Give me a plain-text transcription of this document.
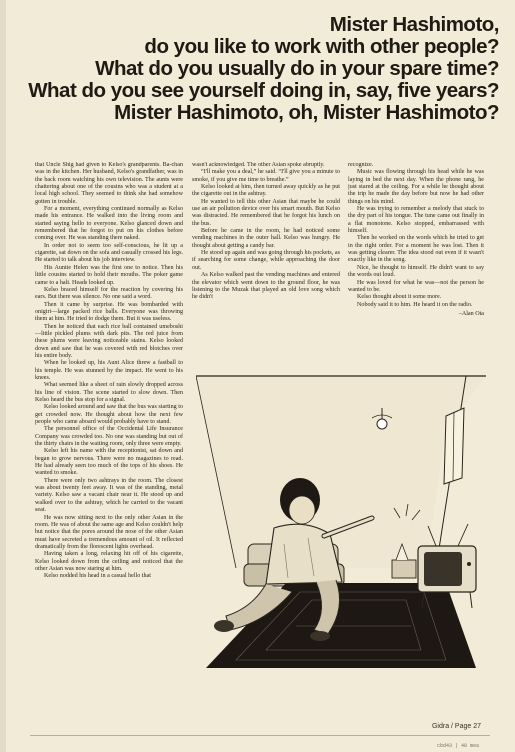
Mister Hashimoto,
do you like to work with other people?
What do you usually do in your spare time?
What do you see yourself doing in, say, five years?
Mister Hashimoto, oh, Mister Hashimoto?

that Uncle Shig had given to Kelso's grandparents. Ba-chan was in the kitchen. Her husband, Kelso's grandfather, was in the back room watching his own television. The aunts were chattering about one of the cousins who was a student at a local high school. They seemed to think she had somehow gotten in trouble.

For a moment, everything continued normally as Kelso made his entrance. He walked into the living room and started saying hello to everyone. Kelso glanced down and remembered that he forgot to put on his clothes before coming over. He was standing there naked.

In order not to seem too self-conscious, he lit up a cigarette, sat down on the sofa and casually crossed his legs. He started to talk about his job interview.

His Auntie Helen was the first one to notice. Then his little cousins started to hold their mouths. The poker game came to a halt. Heads looked up.

Kelso braced himself for the reaction by covering his ears. But there was silence. No one said a word.

Then it came by surprise. He was bombarded with onigiri—large packed rice balls. Everyone was throwing them at him. He tried to dodge them. But it was useless.

Then he noticed that each rice ball contained umeboshi—little pickled plums with dark pits. The red juice from these plums were leaving noticeable stains. Kelso looked down and saw that he was covered with red blotches over his entire body.

When he looked up, his Aunt Alice threw a fastball to his temple. He was stunned by the impact. He went to his knees.

What seemed like a sheet of rain slowly dropped across his line of vision. The scene started to slow down. Then Kelso heard the bus stop for a signal.

Kelso looked around and saw that the bus was starting to get crowded now. He thought about how the next few people who came aboard would probably have to stand.

The personnel office of the Occidental Life Insurance Company was crowded too. No one was standing but out of the thirty chairs in the waiting room, only three were empty.

Kelso left his name with the receptionist, sat down and began to grow nervous. There were no magazines to read. He had already seen too much of the tops of his shoes. He wanted to smoke.

There were only two ashtrays in the room. The closest was about twenty feet away. It was of the standing, metal variety. Kelso saw a vacant chair near it. He stood up and walked over to the ashtray, which he carried to the vacant seat.

He was now sitting next to the only other Asian in the room. He was of about the same age and Kelso couldn't help but notice that the pores around the nose of the other Asian must have secreted a tremendous amount of oil. It reflected dramatically from the florescent lights overhead.

Having taken a long, relaxing hit off of his cigarette, Kelso looked down from the ceiling and noticed that the other Asian was now staring at him.

Kelso nodded his head in a casual hello that

wasn't acknowledged. The other Asian spoke abruptly.

“I'll make you a deal,” he said. “I'll give you a minute to smoke, if you give me time to breathe.”

Kelso looked at him, then turned away quickly as he put the cigarette out in the ashtray.

He wanted to tell this other Asian that maybe he could use an air pollution device over his smart mouth. But Kelso was distracted. He remembered that he forgot his lunch on the bus.

Before he came in the room, he had noticed some vending machines in the outer hall. Kelso was hungry. He thought about getting a candy bar.

He stood up again and was going through his pockets, as if searching for some change, while approaching the door out.

As Kelso walked past the vending machines and entered the elevator which went down to the ground floor, he was listening to the Muzak that played an old love song which he didn't

recognize.

Music was flowing through his head while he was laying in bed the next day. When the phone rang, he just stared at the ceiling. For a while he thought about the trip he made the day before but now he had other things on his mind.

He was trying to remember a melody that stuck to the dry part of his tongue. The tune came out finally in a flat monotone. Kelso stopped, embarrassed with himself.

Then he worked on the words which he tried to get in the right order. For a moment he was lost. Then it was getting clearer. The idea stood out even if it wasn't exactly like in the song.

Nice, he thought to himself. He didn't want to say the words out loud.

He was loved for what he was—not the person he wanted to be.

Kelso thought about it some more.

Nobody said it to him. He heard it on the radio.

–Alan Ota

Gidra / Page 27
cbd43 | 48 mea
